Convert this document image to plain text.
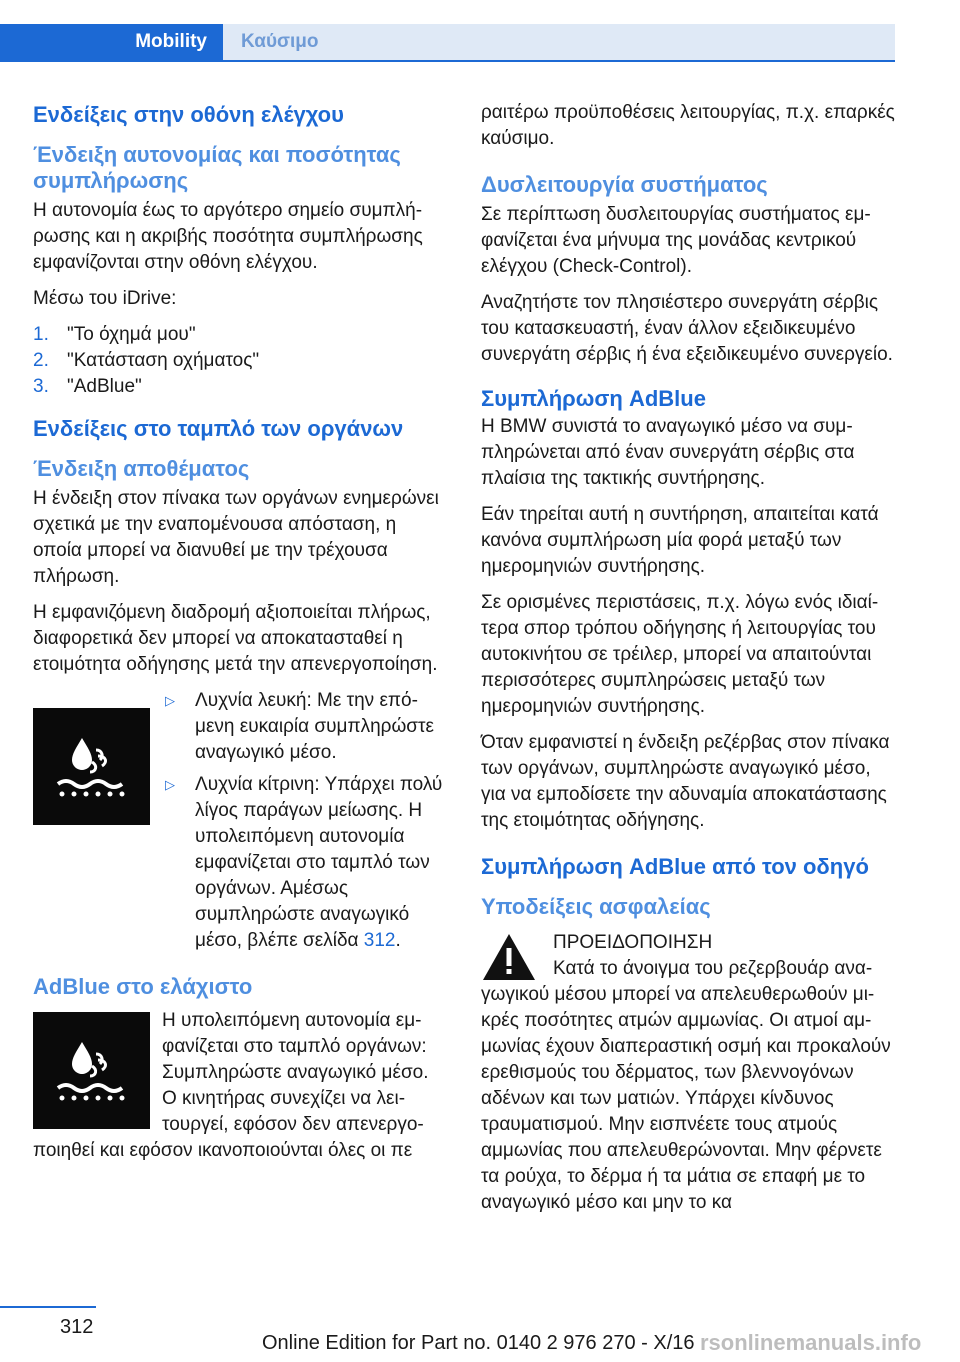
Mobility	Καύσιμο
Ενδείξεις στην οθόνη ελέγχου
Ένδειξη αυτονομίας και ποσότητας συμπλήρωσης

Η αυτονομία έως το αργότερο σημείο συμπλήρωσης και η ακριβής ποσότητα συμπλήρωσης εμφανίζονται στην οθόνη ελέγχου.

Μέσω του iDrive:

1. "Το όχημά μου"
2. "Κατάσταση οχήματος"
3. "AdBlue"
Ενδείξεις στο ταμπλό των οργάνων
Ένδειξη αποθέματος

Η ένδειξη στον πίνακα των οργάνων ενημερώνει σχετικά με την εναπομένουσα απόσταση, η οποία μπορεί να διανυθεί με την τρέχουσα πλήρωση.

Η εμφανιζόμενη διαδρομή αξιοποιείται πλήρως, διαφορετικά δεν μπορεί να αποκατασταθεί η ετοιμότητα οδήγησης μετά την απενεργοποίηση.

▷	Λυχνία λευκή: Με την επόμενη ευκαιρία συμπληρώστε αναγωγικό μέσο.
▷	Λυχνία κίτρινη: Υπάρχει πολύ λίγος παράγων μείωσης. Η υπολειπόμενη αυτονομία εμφανίζεται στο ταμπλό των οργάνων. Αμέσως συμπληρώστε αναγωγικό μέσο, βλέπε σελίδα 312.
AdBlue στο ελάχιστο

Η υπολειπόμενη αυτονομία εμφανίζεται στο ταμπλό οργάνων: Συμπληρώστε αναγωγικό μέσο. Ο κινητήρας συνεχίζει να λειτουργεί, εφόσον δεν απενεργοποιηθεί και εφόσον ικανοποιούνται όλες οι πε

ραιτέρω προϋποθέσεις λειτουργίας, π.χ. επαρκές καύσιμο.

Δυσλειτουργία συστήματος

Σε περίπτωση δυσλειτουργίας συστήματος εμφανίζεται ένα μήνυμα της μονάδας κεντρικού ελέγχου (Check-Control).

Αναζητήστε τον πλησιέστερο συνεργάτη σέρβις του κατασκευαστή, έναν άλλον εξειδικευμένο συνεργάτη σέρβις ή ένα εξειδικευμένο συνεργείο.

Συμπλήρωση AdBlue

Η BMW συνιστά το αναγωγικό μέσο να συμπληρώνεται από έναν συνεργάτη σέρβις στα πλαίσια της τακτικής συντήρησης.

Εάν τηρείται αυτή η συντήρηση, απαιτείται κατά κανόνα συμπλήρωση μία φορά μεταξύ των ημερομηνιών συντήρησης.

Σε ορισμένες περιστάσεις, π.χ. λόγω ενός ιδιαίτερα σπορ τρόπου οδήγησης ή λειτουργίας του αυτοκινήτου σε τρέιλερ, μπορεί να απαιτούνται περισσότερες συμπληρώσεις μεταξύ των ημερομηνιών συντήρησης.

Όταν εμφανιστεί η ένδειξη ρεζέρβας στον πίνακα των οργάνων, συμπληρώστε αναγωγικό μέσο, για να εμποδίσετε την αδυναμία αποκατάστασης της ετοιμότητας οδήγησης.

Συμπλήρωση AdBlue από τον οδηγό
Υποδείξεις ασφαλείας

ΠΡΟΕΙΔΟΠΟΙΗΣΗ

Κατά το άνοιγμα του ρεζερβουάρ αναγωγικού μέσου μπορεί να απελευθερωθούν μικρές ποσότητες ατμών αμμωνίας. Οι ατμοί αμμωνίας έχουν διαπεραστική οσμή και προκαλούν ερεθισμούς του δέρματος, των βλεννογόνων αδένων και των ματιών. Υπάρχει κίνδυνος τραυματισμού. Μην εισπνέετε τους ατμούς αμμωνίας που απελευθερώνονται. Μην φέρνετε τα ρούχα, το δέρμα ή τα μάτια σε επαφή με το αναγωγικό μέσο και μην το κα

312
Online Edition for Part no. 0140 2 976 270 - X/16 rsonlinemanuals.info
